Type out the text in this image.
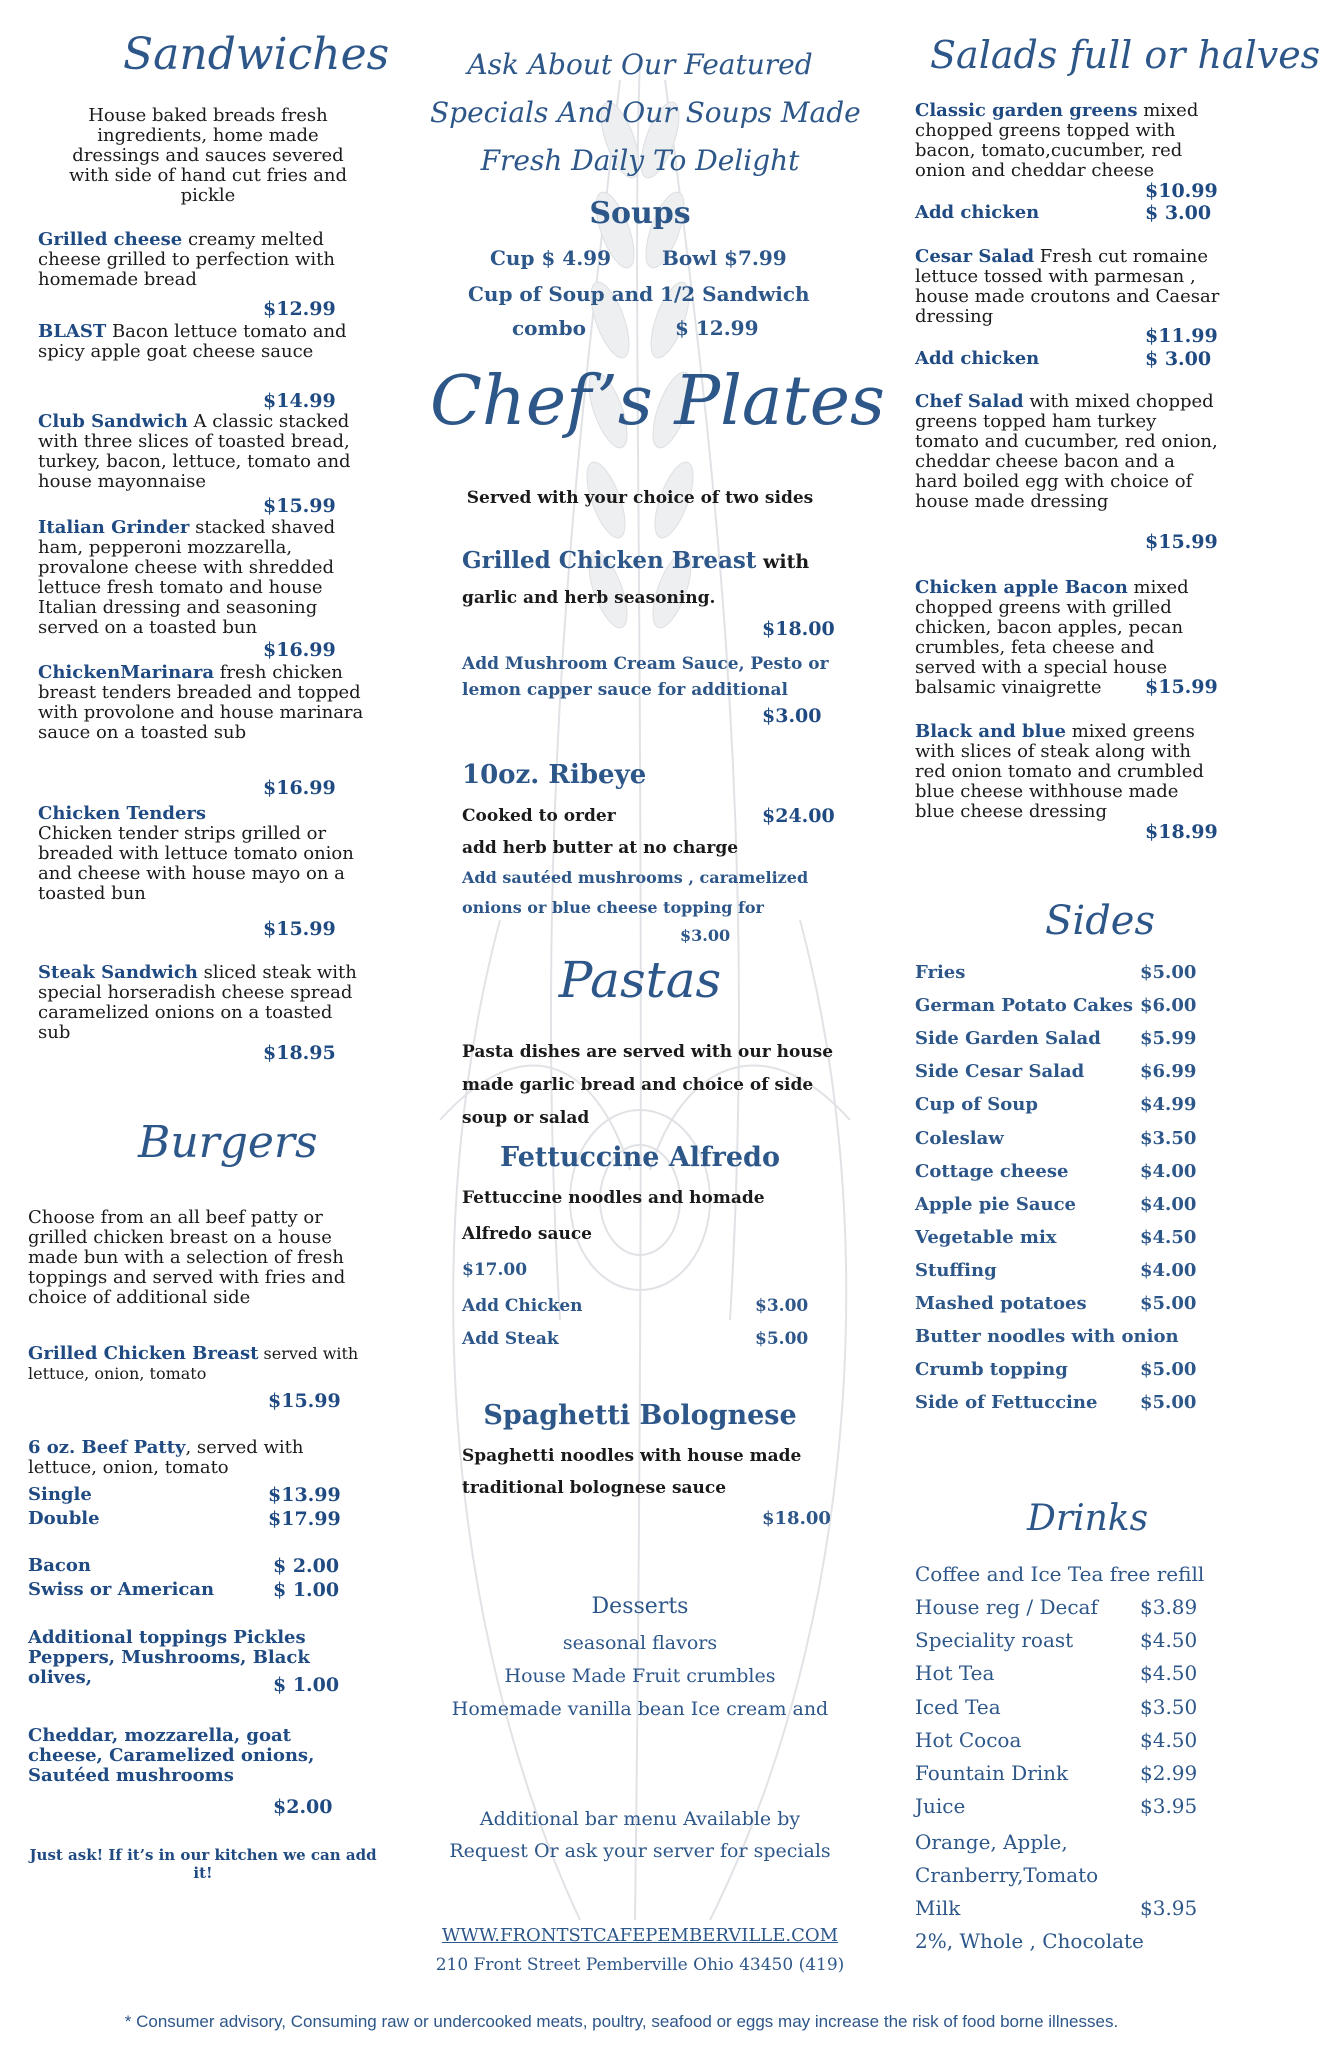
Sandwiches
House baked breads fresh ingredients, home made dressings and sauces severed with side of hand cut fries and pickle
Grilled cheese creamy melted cheese grilled to perfection with homemade bread
$12.99
BLAST Bacon lettuce tomato and spicy apple goat cheese sauce
$14.99
Club Sandwich A classic stacked with three slices of toasted bread, turkey, bacon, lettuce, tomato and house mayonnaise
$15.99
Italian Grinder stacked shaved ham, pepperoni mozzarella, provalone cheese with shredded lettuce fresh tomato and house Italian dressing and seasoning served on a toasted bun
$16.99
ChickenMarinara fresh chicken breast tenders breaded and topped with provolone and house marinara sauce on a toasted sub
$16.99
Chicken Tenders
Chicken tender strips grilled or breaded with lettuce tomato onion and cheese with house mayo on a toasted bun
$15.99
Steak Sandwich sliced steak with special horseradish cheese spread caramelized onions on a toasted sub
$18.95
Burgers
Choose from an all beef patty or grilled chicken breast on a house made bun with a selection of fresh toppings and served with fries and choice of additional side
Grilled Chicken Breast served with lettuce, onion, tomato
$15.99
6 oz. Beef Patty, served with lettuce, onion, tomato
Single	$13.99
Double	$17.99
Bacon	$ 2.00
Swiss or American	$ 1.00
Additional toppings Pickles Peppers, Mushrooms, Black olives,	$ 1.00
Cheddar, mozzarella, goat cheese, Caramelized onions, Sautéed mushrooms
$2.00
Just ask! If it’s in our kitchen we can add it!
Ask About Our Featured
Specials And Our Soups Made
Fresh Daily To Delight
Soups
Cup $ 4.99	Bowl $7.99
Cup of Soup and 1/2 Sandwich
combo	$ 12.99
Chef’s Plates
Served with your choice of two sides
Grilled Chicken Breast with
garlic and herb seasoning.
$18.00
Add Mushroom Cream Sauce, Pesto or
lemon capper sauce for additional
$3.00
10oz. Ribeye
Cooked to order	$24.00
add herb butter at no charge
Add sautéed mushrooms , caramelized
onions or blue cheese topping for
$3.00
Pastas
Pasta dishes are served with our house
made garlic bread and choice of side
soup or salad
Fettuccine Alfredo
Fettuccine noodles and homade
Alfredo sauce
$17.00
Add Chicken	$3.00
Add Steak	$5.00
Spaghetti Bolognese
Spaghetti noodles with house made
traditional bolognese sauce
$18.00
Desserts
seasonal flavors
House Made Fruit crumbles
Homemade vanilla bean Ice cream and
Additional bar menu Available by
Request Or ask your server for specials
WWW.FRONTSTCAFEPEMBERVILLE.COM
210 Front Street Pemberville Ohio 43450 (419)
Salads full or halves
Classic garden greens mixed chopped greens topped with bacon, tomato,cucumber, red onion and cheddar cheese
$10.99
Add chicken	$ 3.00
Cesar Salad Fresh cut romaine lettuce tossed with parmesan , house made croutons and Caesar dressing
$11.99
Add chicken	$ 3.00
Chef Salad with mixed chopped greens topped ham turkey tomato and cucumber, red onion, cheddar cheese bacon and a hard boiled egg with choice of house made dressing
$15.99
Chicken apple Bacon mixed chopped greens with grilled chicken, bacon apples, pecan crumbles, feta cheese and served with a special house balsamic vinaigrette	$15.99
Black and blue mixed greens with slices of steak along with red onion tomato and crumbled blue cheese withhouse made blue cheese dressing
$18.99
Sides
Fries	$5.00
German Potato Cakes $6.00
Side Garden Salad $5.99
Side Cesar Salad	$6.99
Cup of Soup	$4.99
Coleslaw	$3.50
Cottage cheese	$4.00
Apple pie Sauce	$4.00
Vegetable mix	$4.50
Stuffing	$4.00
Mashed potatoes	$5.00
Butter noodles with onion
Crumb topping	$5.00
Side of Fettuccine $5.00
Drinks
Coffee and Ice Tea free refill
House reg / Decaf $3.89
Speciality roast	$4.50
Hot Tea	$4.50
Iced Tea	$3.50
Hot Cocoa	$4.50
Fountain Drink	$2.99
Juice	$3.95
Orange, Apple,
Cranberry,Tomato
Milk	$3.95
2%, Whole , Chocolate
* Consumer advisory, Consuming raw or undercooked meats, poultry, seafood or eggs may increase the risk of food borne illnesses.
